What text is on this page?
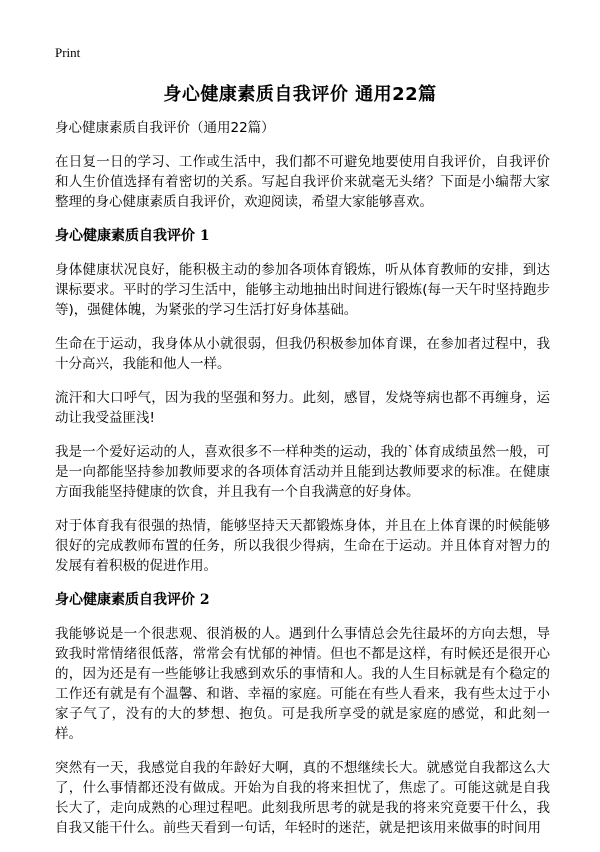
Print
身心健康素质自我评价 通用22篇

身心健康素质自我评价（通用22篇）

在日复一日的学习、工作或生活中，我们都不可避免地要使用自我评价，自我评价和人生价值选择有着密切的关系。写起自我评价来就毫无头绪？下面是小编帮大家整理的身心健康素质自我评价，欢迎阅读，希望大家能够喜欢。

身心健康素质自我评价 1

身体健康状况良好，能积极主动的参加各项体育锻炼，听从体育教师的安排，到达课标要求。平时的学习生活中，能够主动地抽出时间进行锻炼(每一天午时坚持跑步等)，强健体魄，为紧张的学习生活打好身体基础。

生命在于运动，我身体从小就很弱，但我仍积极参加体育课，在参加者过程中，我十分高兴，我能和他人一样。

流汗和大口呼气，因为我的坚强和努力。此刻，感冒，发烧等病也都不再缠身，运动让我受益匪浅!

我是一个爱好运动的人，喜欢很多不一样种类的运动，我的`体育成绩虽然一般，可是一向都能坚持参加教师要求的各项体育活动并且能到达教师要求的标准。在健康方面我能坚持健康的饮食，并且我有一个自我满意的好身体。

对于体育我有很强的热情，能够坚持天天都锻炼身体，并且在上体育课的时候能够很好的完成教师布置的任务，所以我很少得病，生命在于运动。并且体育对智力的发展有着积极的促进作用。

身心健康素质自我评价 2

我能够说是一个很悲观、很消极的人。遇到什么事情总会先往最坏的方向去想，导致我时常情绪很低落，常常会有忧郁的神情。但也不都是这样，有时候还是很开心的，因为还是有一些能够让我感到欢乐的事情和人。我的人生目标就是有个稳定的工作还有就是有个温馨、和谐、幸福的家庭。可能在有些人看来，我有些太过于小家子气了，没有的大的梦想、抱负。可是我所享受的就是家庭的感觉，和此刻一样。

突然有一天，我感觉自我的年龄好大啊，真的不想继续长大。就感觉自我都这么大了，什么事情都还没有做成。开始为自我的将来担忧了，焦虑了。可能这就是自我长大了，走向成熟的心理过程吧。此刻我所思考的就是我的将来究竟要干什么，我自我又能干什么。前些天看到一句话，年轻时的迷茫，就是把该用来做事的时间用
